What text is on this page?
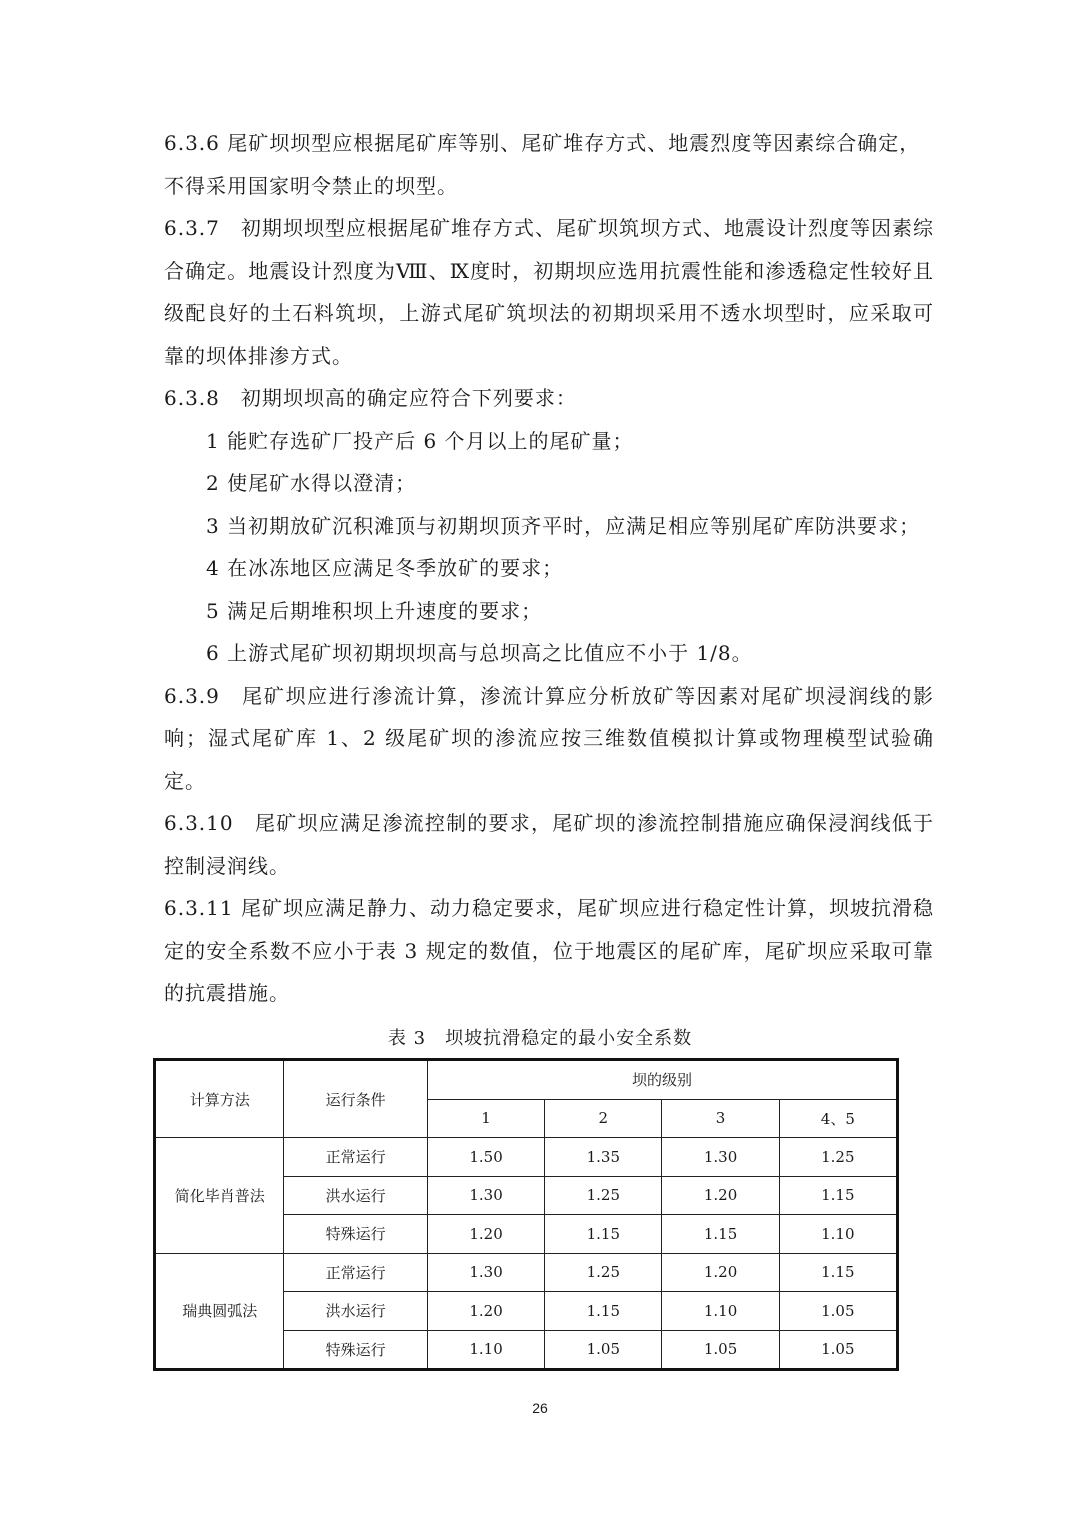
6.3.6 尾矿坝坝型应根据尾矿库等别、尾矿堆存方式、地震烈度等因素综合确定，

不得采用国家明令禁止的坝型。

6.3.7　初期坝坝型应根据尾矿堆存方式、尾矿坝筑坝方式、地震设计烈度等因素综合确定。地震设计烈度为Ⅷ、Ⅸ度时，初期坝应选用抗震性能和渗透稳定性较好且级配良好的土石料筑坝，上游式尾矿筑坝法的初期坝采用不透水坝型时，应采取可靠的坝体排渗方式。

6.3.8　初期坝坝高的确定应符合下列要求：

1 能贮存选矿厂投产后 6 个月以上的尾矿量；

2 使尾矿水得以澄清；

3 当初期放矿沉积滩顶与初期坝顶齐平时，应满足相应等别尾矿库防洪要求；

4 在冰冻地区应满足冬季放矿的要求；

5 满足后期堆积坝上升速度的要求；

6 上游式尾矿坝初期坝坝高与总坝高之比值应不小于 1/8。

6.3.9　尾矿坝应进行渗流计算，渗流计算应分析放矿等因素对尾矿坝浸润线的影响；湿式尾矿库 1、2 级尾矿坝的渗流应按三维数值模拟计算或物理模型试验确定。

6.3.10　尾矿坝应满足渗流控制的要求，尾矿坝的渗流控制措施应确保浸润线低于控制浸润线。

6.3.11 尾矿坝应满足静力、动力稳定要求，尾矿坝应进行稳定性计算，坝坡抗滑稳定的安全系数不应小于表 3 规定的数值，位于地震区的尾矿库，尾矿坝应采取可靠的抗震措施。

表 3　坝坡抗滑稳定的最小安全系数
计算方法	运行条件	坝的级别			
		1	2	3	4、5
简化毕肖普法	正常运行	1.50	1.35	1.30	1.25
	洪水运行	1.30	1.25	1.20	1.15
	特殊运行	1.20	1.15	1.15	1.10
瑞典圆弧法	正常运行	1.30	1.25	1.20	1.15
	洪水运行	1.20	1.15	1.10	1.05
	特殊运行	1.10	1.05	1.05	1.05
26
